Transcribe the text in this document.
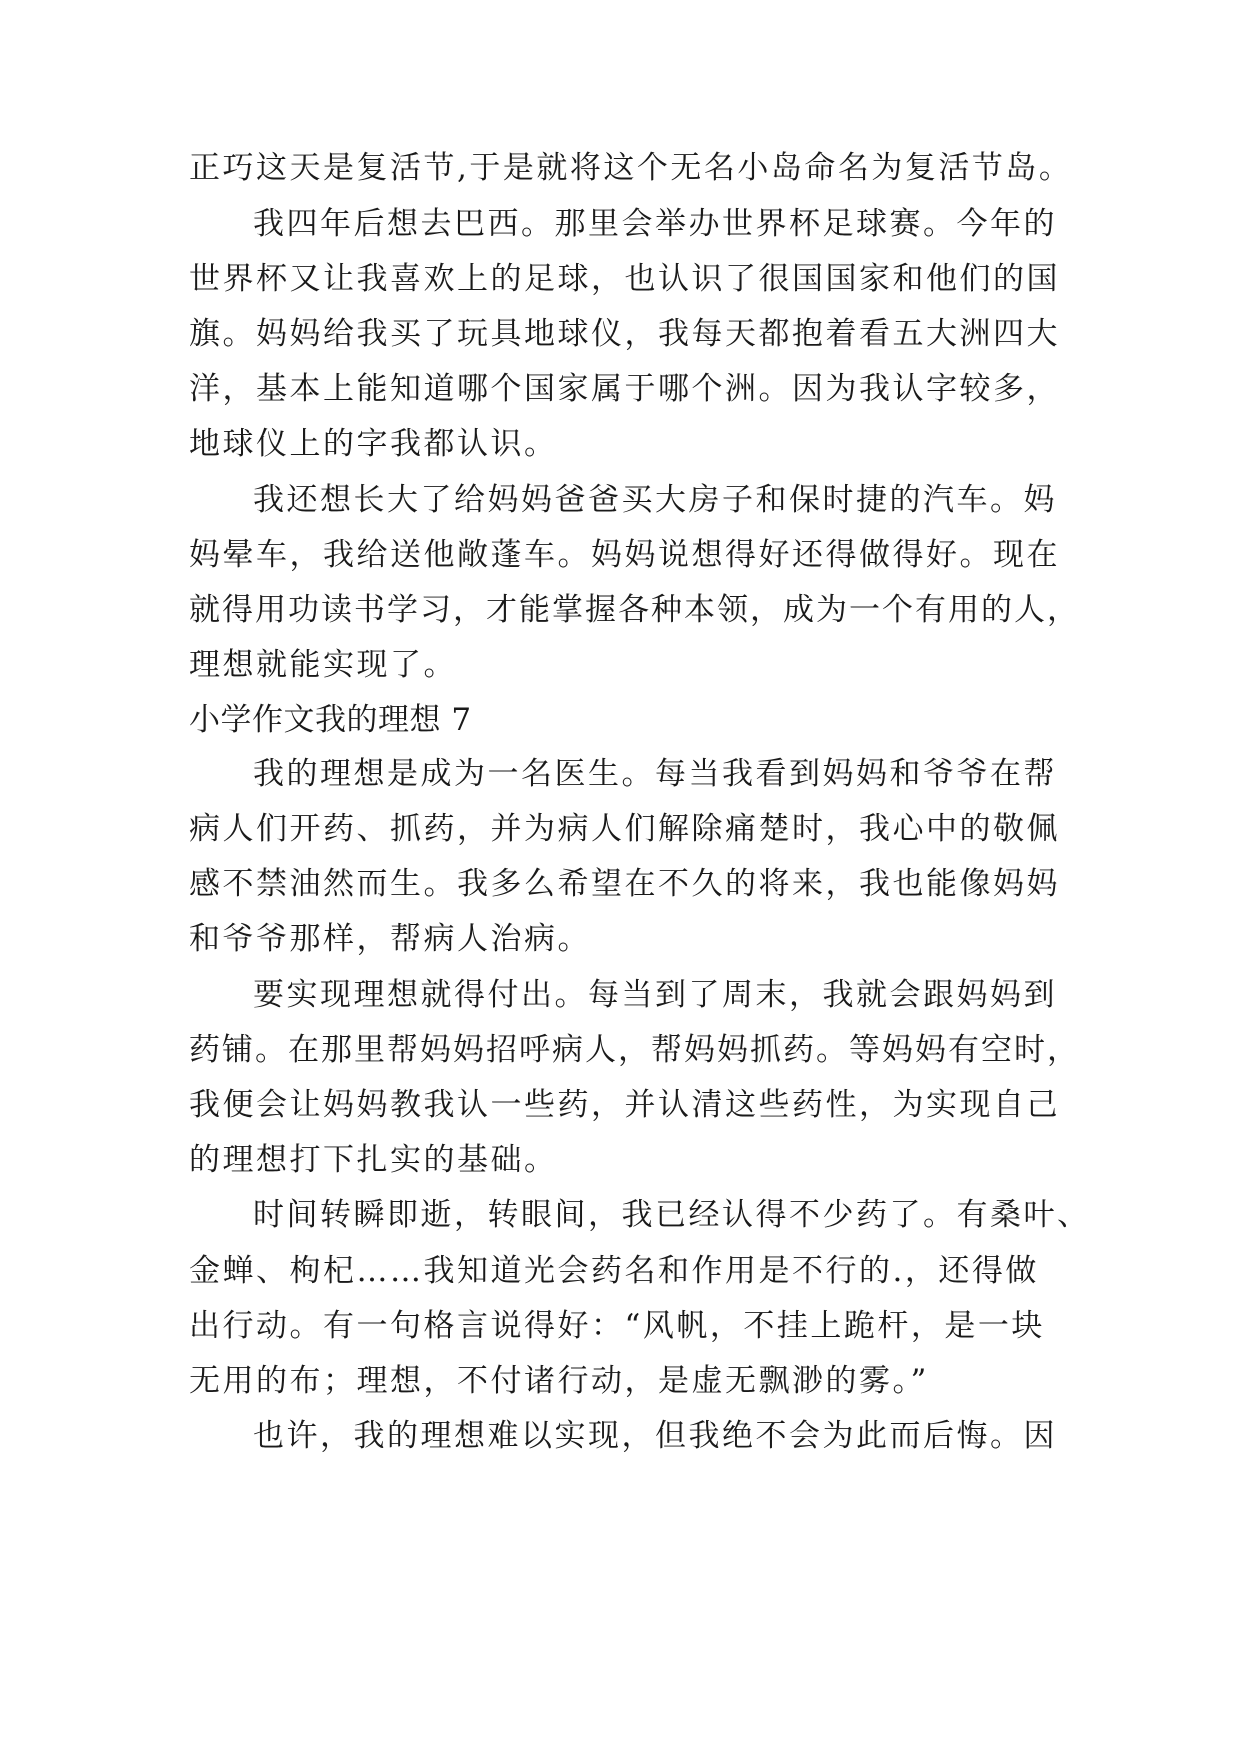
正巧这天是复活节,于是就将这个无名小岛命名为复活节岛。

我四年后想去巴西。那里会举办世界杯足球赛。今年的

世界杯又让我喜欢上的足球，也认识了很国国家和他们的国

旗。妈妈给我买了玩具地球仪，我每天都抱着看五大洲四大

洋，基本上能知道哪个国家属于哪个洲。因为我认字较多，

地球仪上的字我都认识。

我还想长大了给妈妈爸爸买大房子和保时捷的汽车。妈

妈晕车，我给送他敞蓬车。妈妈说想得好还得做得好。现在

就得用功读书学习，才能掌握各种本领，成为一个有用的人，

理想就能实现了。

小学作文我的理想 7

我的理想是成为一名医生。每当我看到妈妈和爷爷在帮

病人们开药、抓药，并为病人们解除痛楚时，我心中的敬佩

感不禁油然而生。我多么希望在不久的将来，我也能像妈妈

和爷爷那样，帮病人治病。

要实现理想就得付出。每当到了周末，我就会跟妈妈到

药铺。在那里帮妈妈招呼病人，帮妈妈抓药。等妈妈有空时，

我便会让妈妈教我认一些药，并认清这些药性，为实现自己

的理想打下扎实的基础。

时间转瞬即逝，转眼间，我已经认得不少药了。有桑叶、

金蝉、枸杞……我知道光会药名和作用是不行的.，还得做

出行动。有一句格言说得好：“风帆，不挂上跪杆，是一块

无用的布；理想，不付诸行动，是虚无飘渺的雾。”

也许，我的理想难以实现，但我绝不会为此而后悔。因
